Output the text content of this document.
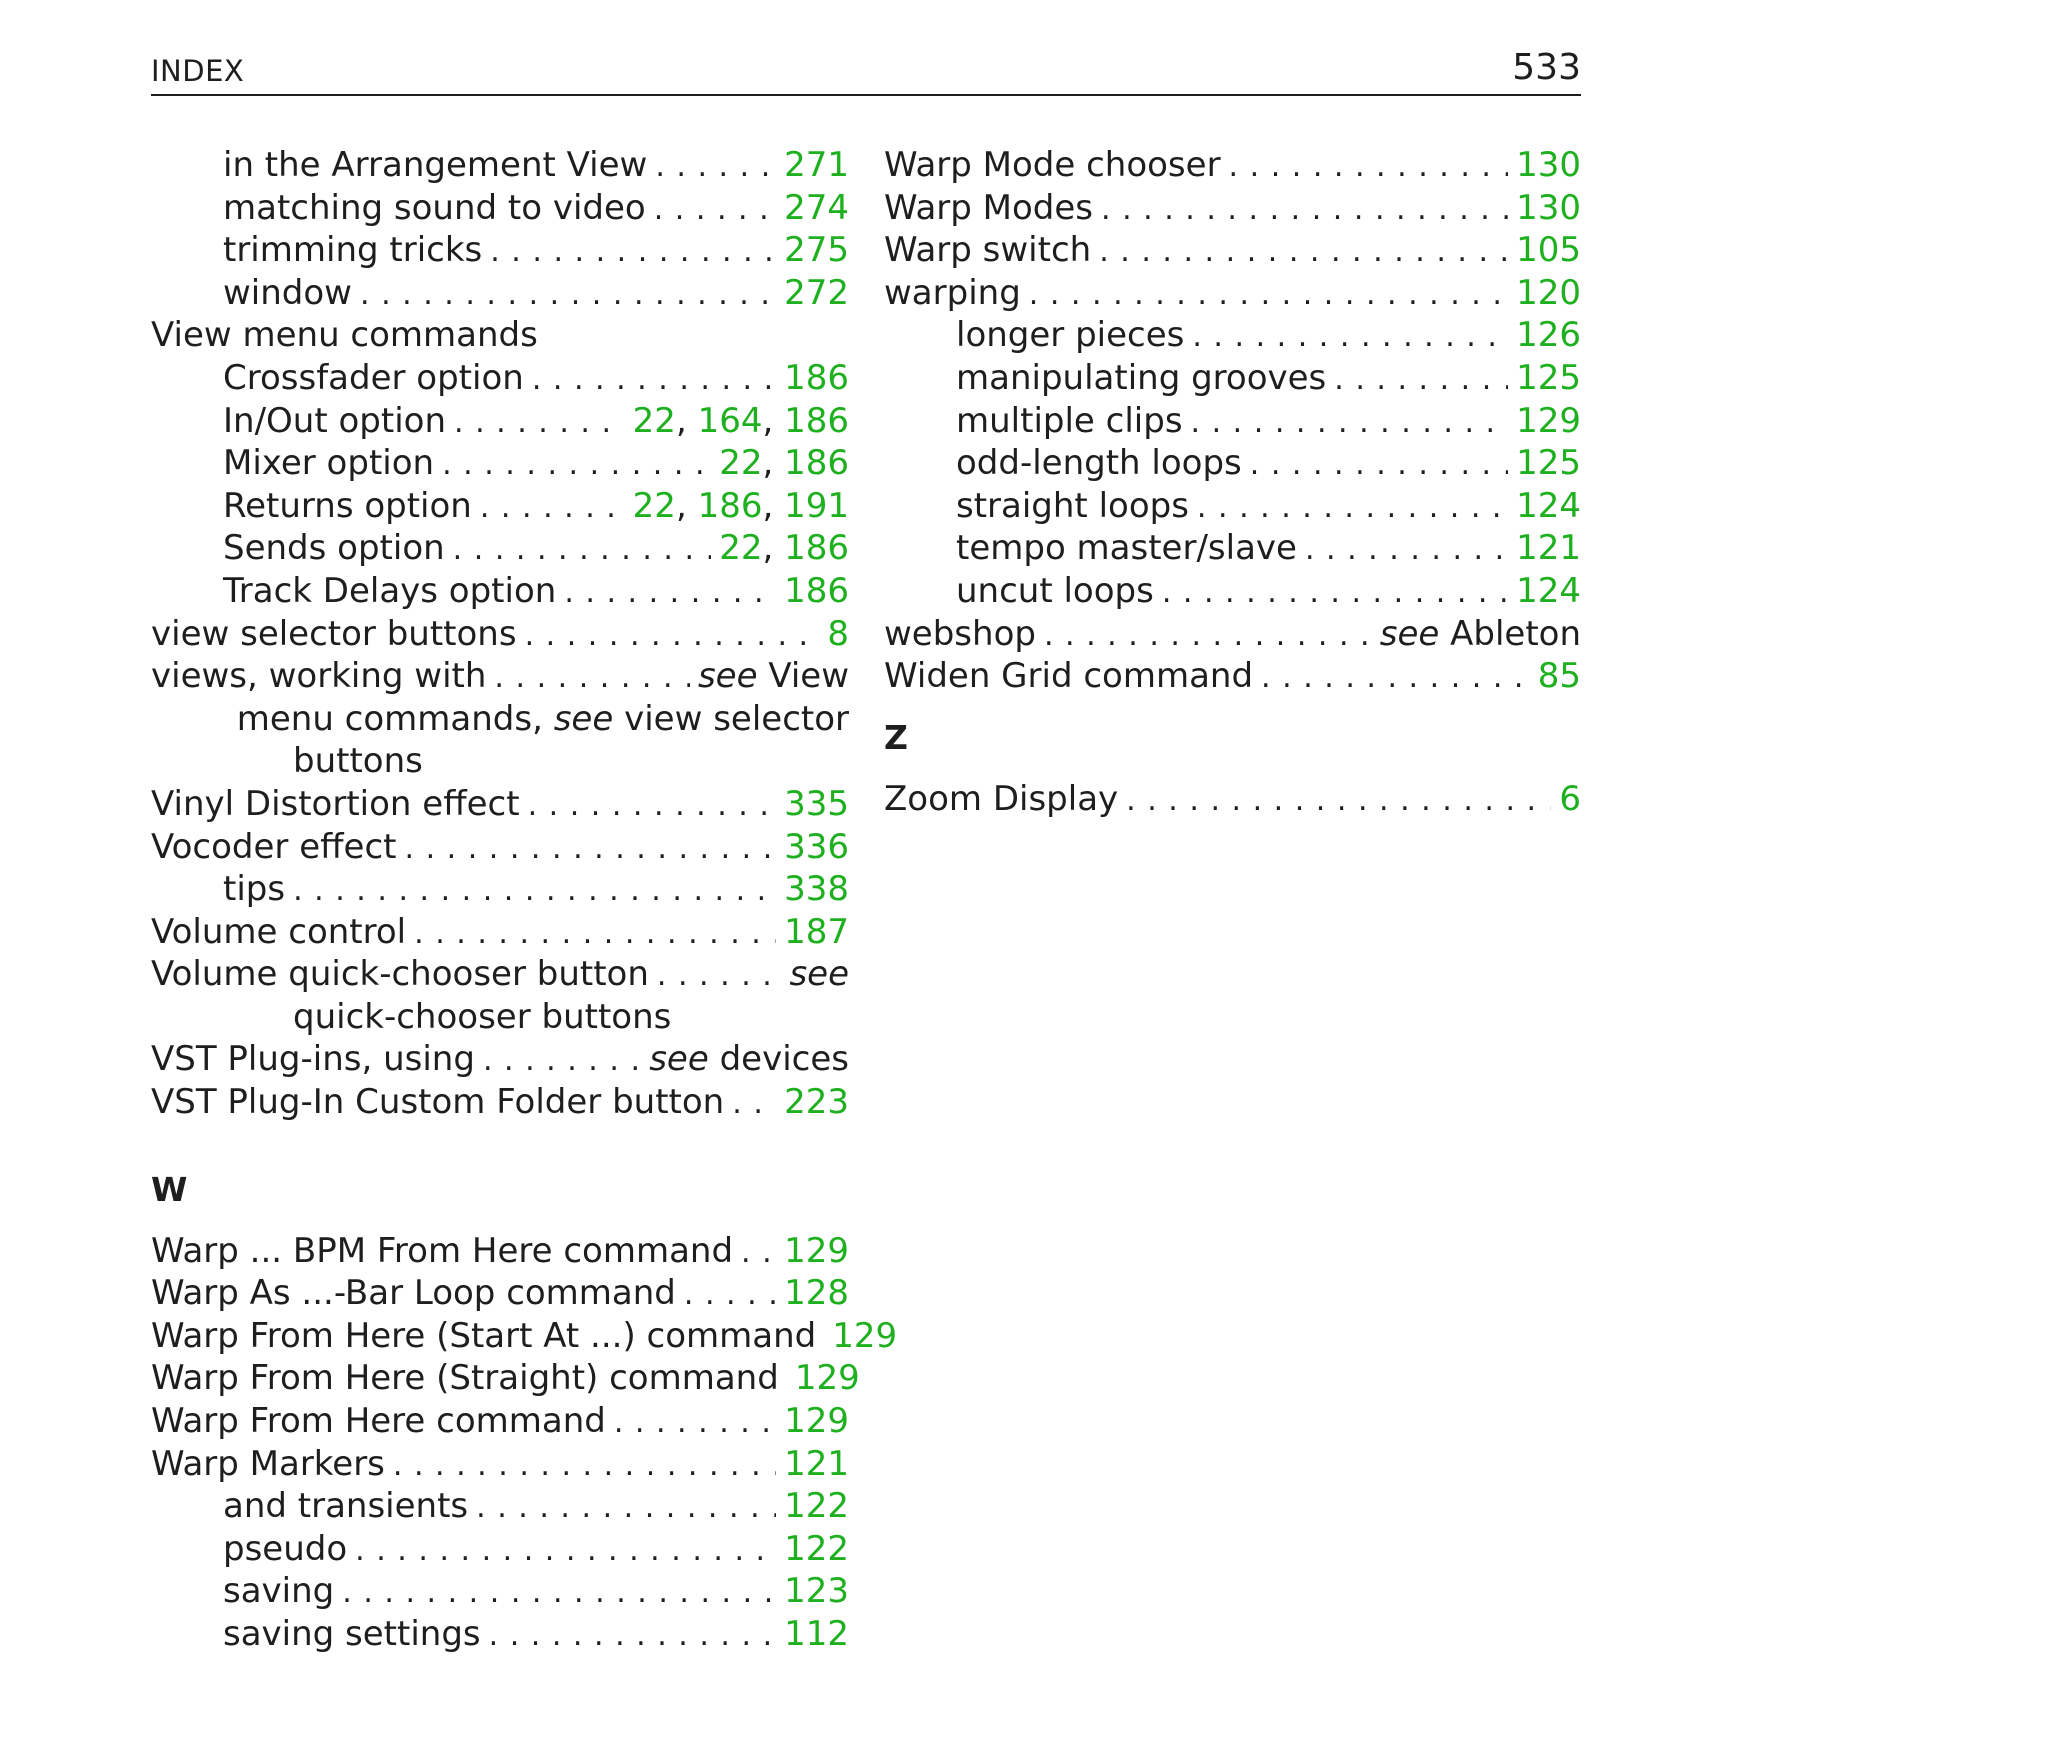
INDEX	533
in the Arrangement View . . .	271
matching sound to video . . .	274
trimming tricks . . .	275
window . . .	272
View menu commands
Crossfader option . . .	186
In/Out option . . .	22, 164, 186
Mixer option . . .	22, 186
Returns option . . .	22, 186, 191
Sends option . . .	22, 186
Track Delays option . . .	186
view selector buttons . . .	8
views, working with . . .	see View
menu commands, see view selector
buttons
Vinyl Distortion effect . . .	335
Vocoder effect . . .	336
tips . . .	338
Volume control . . .	187
Volume quick-chooser button . . .	see
quick-chooser buttons
VST Plug-ins, using . . .	see devices
VST Plug-In Custom Folder button . . . 223
W
Warp ... BPM From Here command . . . 129
Warp As ...-Bar Loop command . . .	128
Warp From Here (Start At ...) command 129
Warp From Here (Straight) command 129
Warp From Here command . . .	129
Warp Markers . . .	121
and transients . . .	122
pseudo . . .	122
saving . . .	123
saving settings . . .	112
Warp Mode chooser . . .	130
Warp Modes . . .	130
Warp switch . . .	105
warping . . .	120
longer pieces . . .	126
manipulating grooves . . .	125
multiple clips . . .	129
odd-length loops . . .	125
straight loops . . .	124
tempo master/slave . . .	121
uncut loops . . .	124
webshop . . .	see Ableton
Widen Grid command . . .	85
Z
Zoom Display . . .	6
